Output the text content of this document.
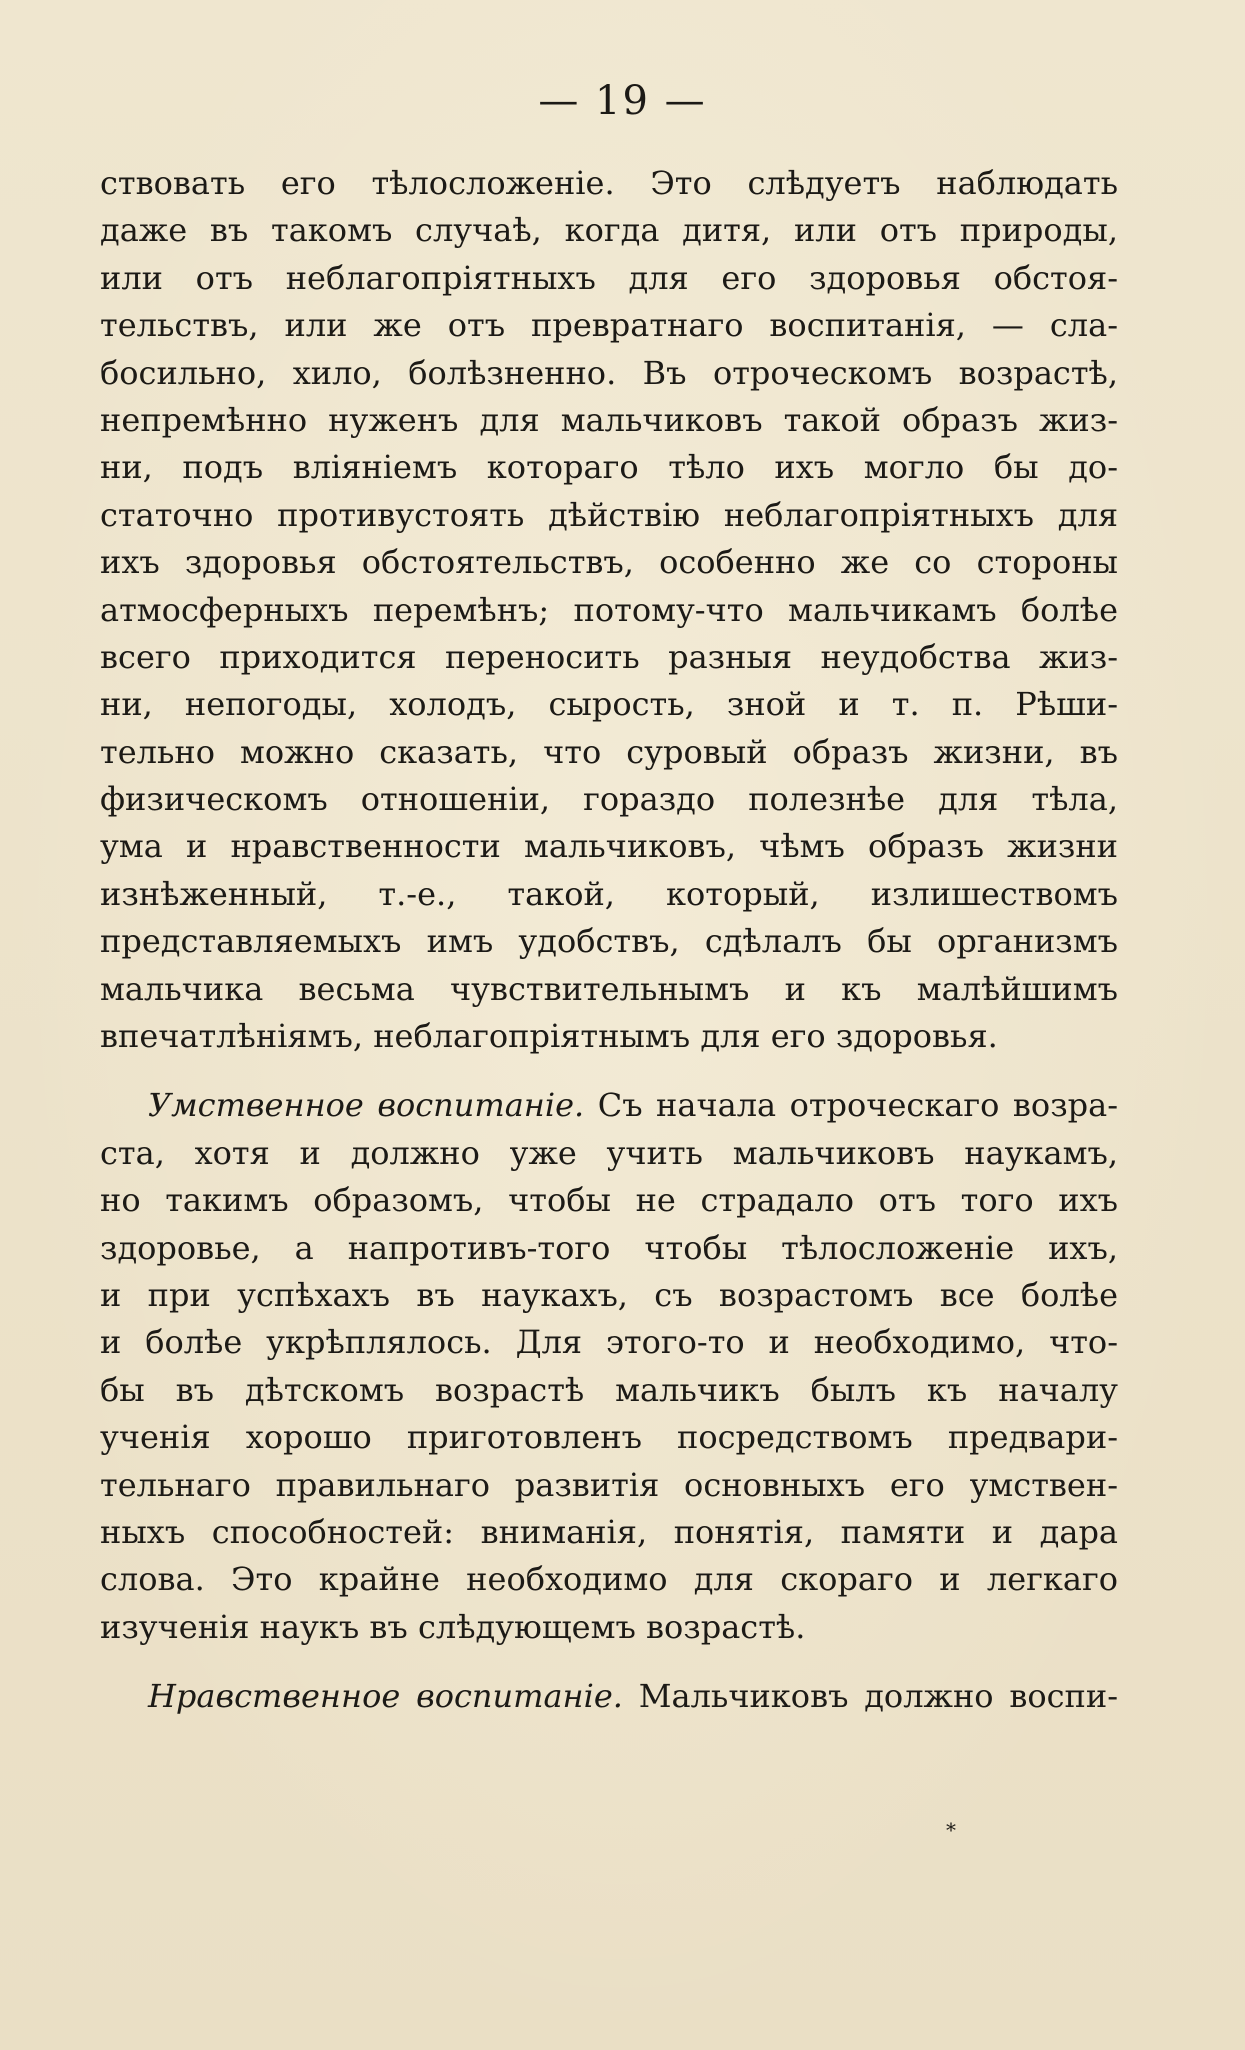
— 19 —
ствовать его тѣлосложеніе. Это слѣдуетъ наблюдать
даже въ такомъ случаѣ, когда дитя, или отъ природы,
или отъ неблагопріятныхъ для его здоровья обстоя-
тельствъ, или же отъ превратнаго воспитанія, — сла-
босильно, хило, болѣзненно. Въ отроческомъ возрастѣ,
непремѣнно нуженъ для мальчиковъ такой образъ жиз-
ни, подъ вліяніемъ котораго тѣло ихъ могло бы до-
статочно противустоять дѣйствію неблагопріятныхъ для
ихъ здоровья обстоятельствъ, особенно же со стороны
атмосферныхъ перемѣнъ; потому-что мальчикамъ болѣе
всего приходится переносить разныя неудобства жиз-
ни, непогоды, холодъ, сырость, зной и т. п. Рѣши-
тельно можно сказать, что суровый образъ жизни, въ
физическомъ отношеніи, гораздо полезнѣе для тѣла,
ума и нравственности мальчиковъ, чѣмъ образъ жизни
изнѣженный, т.-е., такой, который, излишествомъ
представляемыхъ имъ удобствъ, сдѣлалъ бы организмъ
мальчика весьма чувствительнымъ и къ малѣйшимъ
впечатлѣніямъ, неблагопріятнымъ для его здоровья.
Умственное воспитаніе. Съ начала отроческаго возра-
ста, хотя и должно уже учить мальчиковъ наукамъ,
но такимъ образомъ, чтобы не страдало отъ того ихъ
здоровье, а напротивъ-того чтобы тѣлосложеніе ихъ,
и при успѣхахъ въ наукахъ, съ возрастомъ все болѣе
и болѣе укрѣплялось. Для этого-то и необходимо, что-
бы въ дѣтскомъ возрастѣ мальчикъ былъ къ началу
ученія хорошо приготовленъ посредствомъ предвари-
тельнаго правильнаго развитія основныхъ его умствен-
ныхъ способностей: вниманія, понятія, памяти и дара
слова. Это крайне необходимо для скораго и легкаго
изученія наукъ въ слѣдующемъ возрастѣ.
Нравственное воспитаніе. Мальчиковъ должно воспи-
*
